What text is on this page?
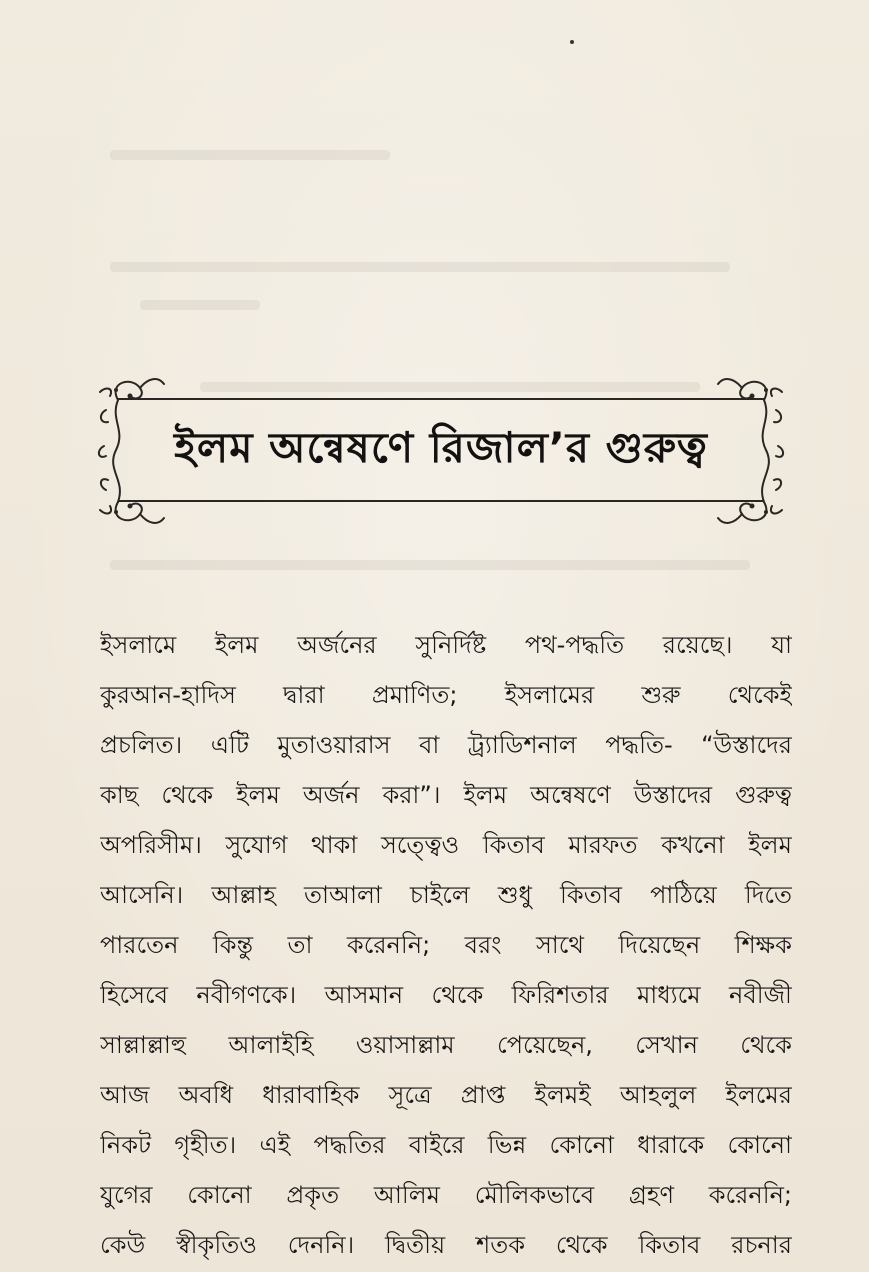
ইলম অন্বেষণে রিজাল’র গুরুত্ব
ইসলামে ইলম অর্জনের সুনির্দিষ্ট পথ-পদ্ধতি রয়েছে। যা
কুরআন-হাদিস দ্বারা প্রমাণিত; ইসলামের শুরু থেকেই
প্রচলিত। এটি মুতাওয়ারাস বা ট্র্যাডিশনাল পদ্ধতি- “উস্তাদের
কাছ থেকে ইলম অর্জন করা”। ইলম অন্বেষণে উস্তাদের গুরুত্ব
অপরিসীম। সুযোগ থাকা সত্ত্বেও কিতাব মারফত কখনো ইলম
আসেনি। আল্লাহ তাআলা চাইলে শুধু কিতাব পাঠিয়ে দিতে
পারতেন কিন্তু তা করেননি; বরং সাথে দিয়েছেন শিক্ষক
হিসেবে নবীগণকে। আসমান থেকে ফিরিশতার মাধ্যমে নবীজী
সাল্লাল্লাহু আলাইহি ওয়াসাল্লাম পেয়েছেন, সেখান থেকে
আজ অবধি ধারাবাহিক সূত্রে প্রাপ্ত ইলমই আহলুল ইলমের
নিকট গৃহীত। এই পদ্ধতির বাইরে ভিন্ন কোনো ধারাকে কোনো
যুগের কোনো প্রকৃত আলিম মৌলিকভাবে গ্রহণ করেননি;
কেউ স্বীকৃতিও দেননি। দ্বিতীয় শতক থেকে কিতাব রচনার
